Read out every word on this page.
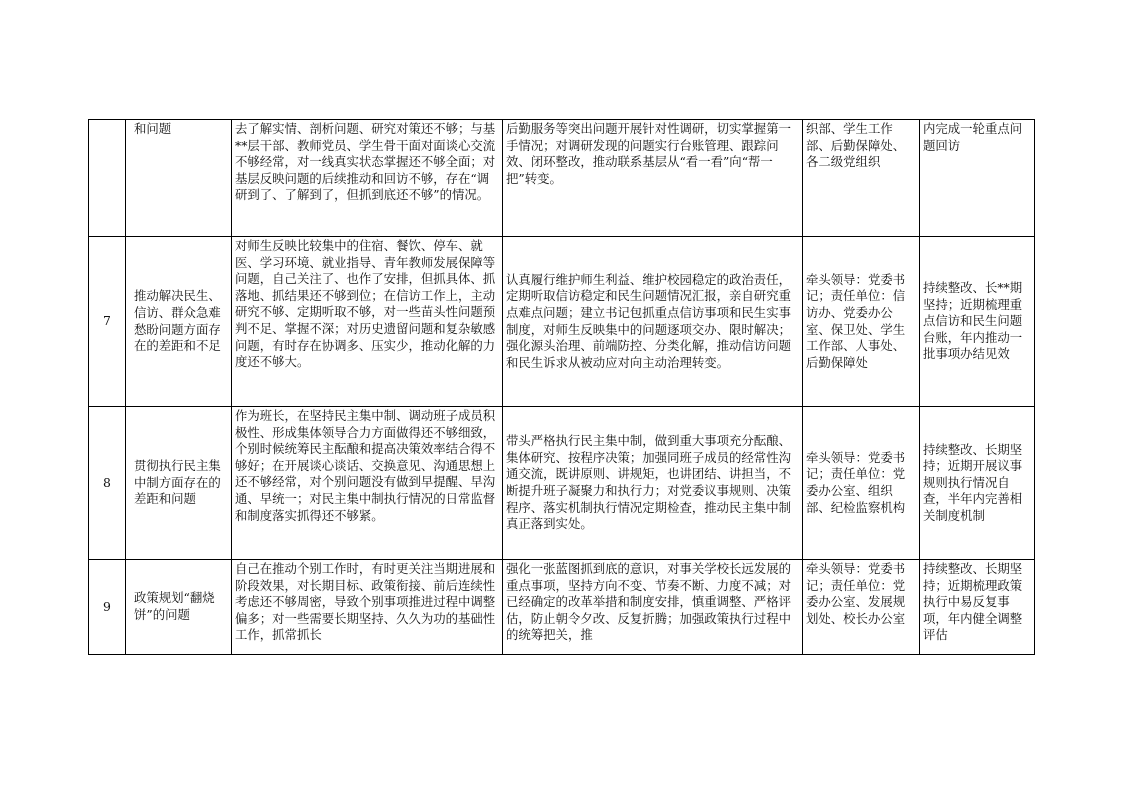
	和问题	去了解实情、剖析问题、研究对策还不够；与基**层干部、教师党员、学生骨干面对面谈心交流不够经常，对一线真实状态掌握还不够全面；对基层反映问题的后续推动和回访不够，存在“调研到了、了解到了，但抓到底还不够”的情况。	后勤服务等突出问题开展针对性调研，切实掌握第一手情况；对调研发现的问题实行台账管理、跟踪问效、闭环整改，推动联系基层从“看一看”向“帮一把”转变。	织部、学生工作部、后勤保障处、各二级党组织	内完成一轮重点问题回访
7	推动解决民生、信访、群众急难愁盼问题方面存在的差距和不足	对师生反映比较集中的住宿、餐饮、停车、就医、学习环境、就业指导、青年教师发展保障等问题，自己关注了、也作了安排，但抓具体、抓落地、抓结果还不够到位；在信访工作上，主动研究不够、定期听取不够，对一些苗头性问题预判不足、掌握不深；对历史遗留问题和复杂敏感问题，有时存在协调多、压实少，推动化解的力度还不够大。	认真履行维护师生利益、维护校园稳定的政治责任，定期听取信访稳定和民生问题情况汇报，亲自研究重点难点问题；建立书记包抓重点信访事项和民生实事制度，对师生反映集中的问题逐项交办、限时解决；强化源头治理、前端防控、分类化解，推动信访问题和民生诉求从被动应对向主动治理转变。	牵头领导：党委书记；责任单位：信访办、党委办公室、保卫处、学生工作部、人事处、后勤保障处	持续整改、长**期坚持；近期梳理重点信访和民生问题台账，年内推动一批事项办结见效
8	贯彻执行民主集中制方面存在的差距和问题	作为班长，在坚持民主集中制、调动班子成员积极性、形成集体领导合力方面做得还不够细致，个别时候统筹民主酝酿和提高决策效率结合得不够好；在开展谈心谈话、交换意见、沟通思想上还不够经常，对个别问题没有做到早提醒、早沟通、早统一；对民主集中制执行情况的日常监督和制度落实抓得还不够紧。	带头严格执行民主集中制，做到重大事项充分酝酿、集体研究、按程序决策；加强同班子成员的经常性沟通交流，既讲原则、讲规矩，也讲团结、讲担当，不断提升班子凝聚力和执行力；对党委议事规则、决策程序、落实机制执行情况定期检查，推动民主集中制真正落到实处。	牵头领导：党委书记；责任单位：党委办公室、组织部、纪检监察机构	持续整改、长期坚持；近期开展议事规则执行情况自查，半年内完善相关制度机制
9	政策规划“翻烧饼”的问题	自己在推动个别工作时，有时更关注当期进展和阶段效果，对长期目标、政策衔接、前后连续性考虑还不够周密，导致个别事项推进过程中调整偏多；对一些需要长期坚持、久久为功的基础性工作，抓常抓长	强化一张蓝图抓到底的意识，对事关学校长远发展的重点事项，坚持方向不变、节奏不断、力度不减；对已经确定的改革举措和制度安排，慎重调整、严格评估，防止朝令夕改、反复折腾；加强政策执行过程中的统筹把关，推	牵头领导：党委书记；责任单位：党委办公室、发展规划处、校长办公室	持续整改、长期坚持；近期梳理政策执行中易反复事项，年内健全调整评估
